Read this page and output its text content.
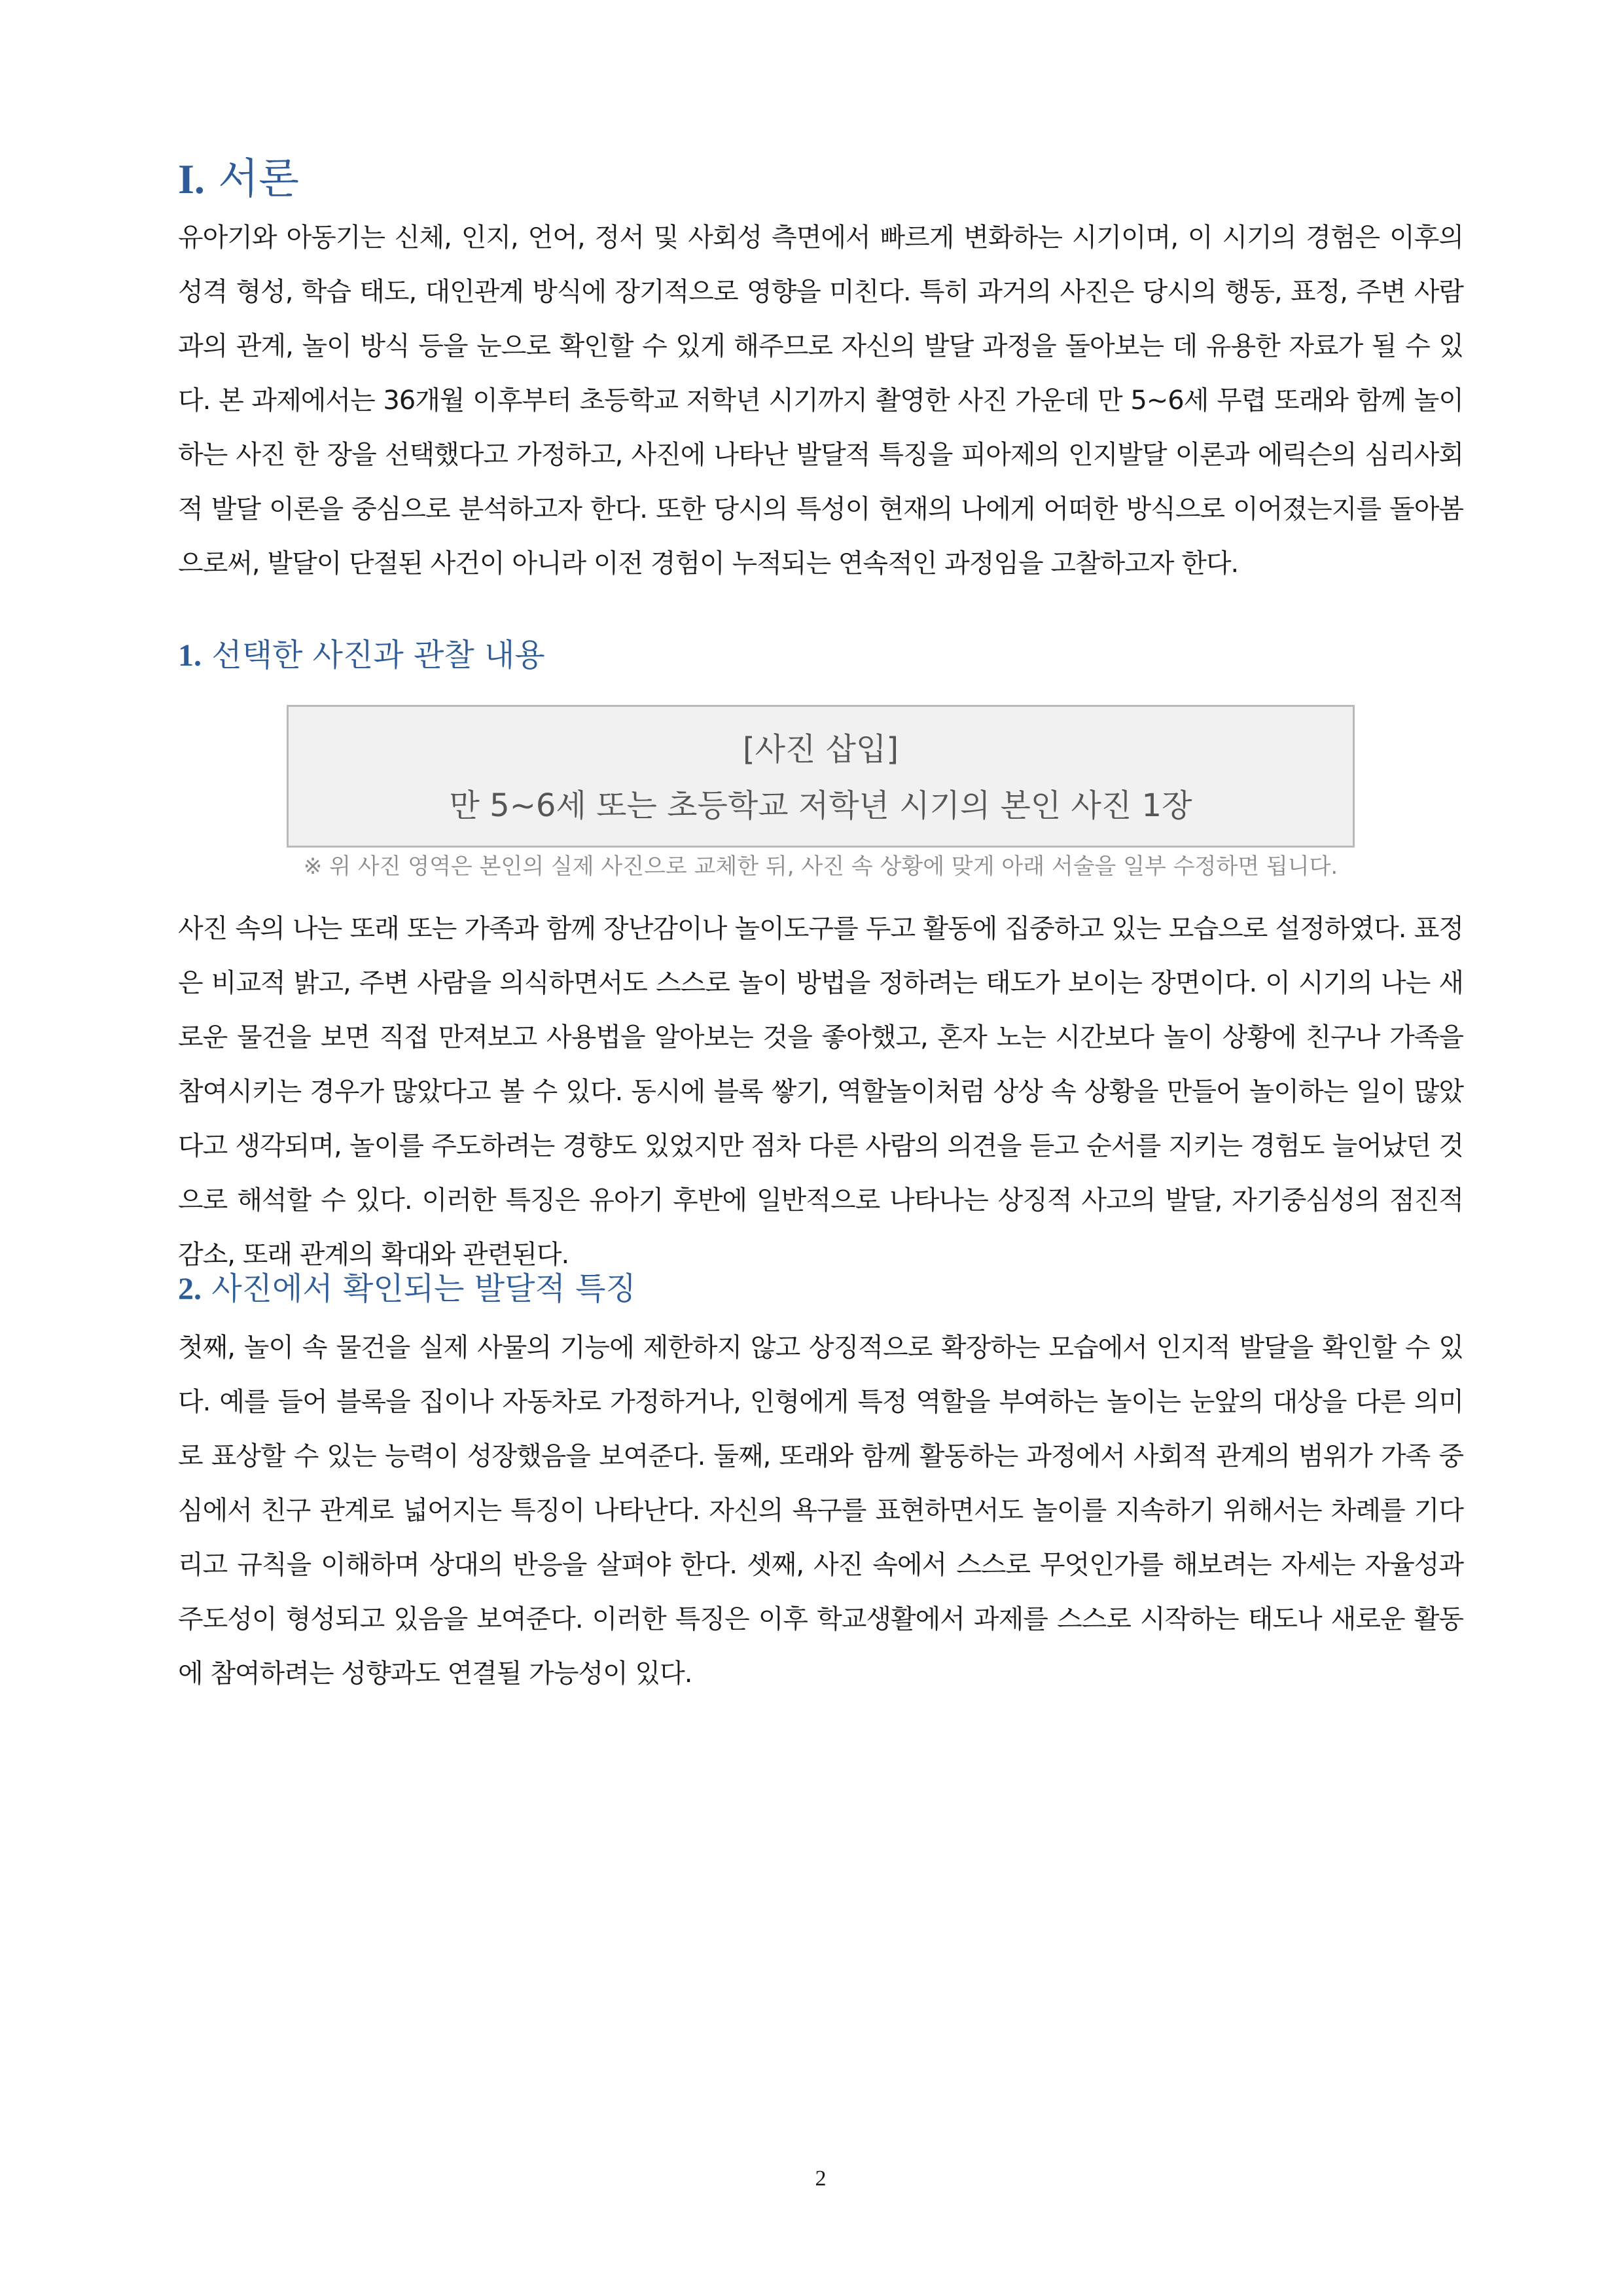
I. 서론

유아기와 아동기는 신체, 인지, 언어, 정서 및 사회성 측면에서 빠르게 변화하는 시기이며, 이 시기의 경험은 이후의 성격 형성, 학습 태도, 대인관계 방식에 장기적으로 영향을 미친다. 특히 과거의 사진은 당시의 행동, 표정, 주변 사람과의 관계, 놀이 방식 등을 눈으로 확인할 수 있게 해주므로 자신의 발달 과정을 돌아보는 데 유용한 자료가 될 수 있다. 본 과제에서는 36개월 이후부터 초등학교 저학년 시기까지 촬영한 사진 가운데 만 5~6세 무렵 또래와 함께 놀이하는 사진 한 장을 선택했다고 가정하고, 사진에 나타난 발달적 특징을 피아제의 인지발달 이론과 에릭슨의 심리사회적 발달 이론을 중심으로 분석하고자 한다. 또한 당시의 특성이 현재의 나에게 어떠한 방식으로 이어졌는지를 돌아봄으로써, 발달이 단절된 사건이 아니라 이전 경험이 누적되는 연속적인 과정임을 고찰하고자 한다.

1. 선택한 사진과 관찰 내용
[사진 삽입]
만 5~6세 또는 초등학교 저학년 시기의 본인 사진 1장
※ 위 사진 영역은 본인의 실제 사진으로 교체한 뒤, 사진 속 상황에 맞게 아래 서술을 일부 수정하면 됩니다.

사진 속의 나는 또래 또는 가족과 함께 장난감이나 놀이도구를 두고 활동에 집중하고 있는 모습으로 설정하였다. 표정은 비교적 밝고, 주변 사람을 의식하면서도 스스로 놀이 방법을 정하려는 태도가 보이는 장면이다. 이 시기의 나는 새로운 물건을 보면 직접 만져보고 사용법을 알아보는 것을 좋아했고, 혼자 노는 시간보다 놀이 상황에 친구나 가족을 참여시키는 경우가 많았다고 볼 수 있다. 동시에 블록 쌓기, 역할놀이처럼 상상 속 상황을 만들어 놀이하는 일이 많았다고 생각되며, 놀이를 주도하려는 경향도 있었지만 점차 다른 사람의 의견을 듣고 순서를 지키는 경험도 늘어났던 것으로 해석할 수 있다. 이러한 특징은 유아기 후반에 일반적으로 나타나는 상징적 사고의 발달, 자기중심성의 점진적 감소, 또래 관계의 확대와 관련된다.

2. 사진에서 확인되는 발달적 특징

첫째, 놀이 속 물건을 실제 사물의 기능에 제한하지 않고 상징적으로 확장하는 모습에서 인지적 발달을 확인할 수 있다. 예를 들어 블록을 집이나 자동차로 가정하거나, 인형에게 특정 역할을 부여하는 놀이는 눈앞의 대상을 다른 의미로 표상할 수 있는 능력이 성장했음을 보여준다. 둘째, 또래와 함께 활동하는 과정에서 사회적 관계의 범위가 가족 중심에서 친구 관계로 넓어지는 특징이 나타난다. 자신의 욕구를 표현하면서도 놀이를 지속하기 위해서는 차례를 기다리고 규칙을 이해하며 상대의 반응을 살펴야 한다. 셋째, 사진 속에서 스스로 무엇인가를 해보려는 자세는 자율성과 주도성이 형성되고 있음을 보여준다. 이러한 특징은 이후 학교생활에서 과제를 스스로 시작하는 태도나 새로운 활동에 참여하려는 성향과도 연결될 가능성이 있다.

2
